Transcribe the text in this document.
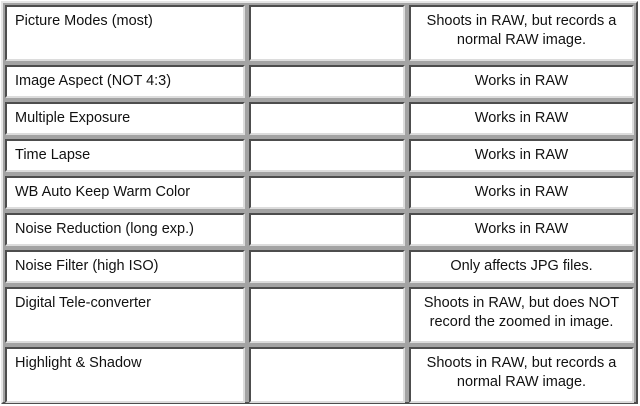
Picture Modes (most)	Shoots in RAW, but records a normal RAW image.
Image Aspect (NOT 4:3)	Works in RAW
Multiple Exposure	Works in RAW
Time Lapse	Works in RAW
WB Auto Keep Warm Color	Works in RAW
Noise Reduction (long exp.)	Works in RAW
Noise Filter (high ISO)	Only affects JPG files.
Digital Tele-converter	Shoots in RAW, but does NOT record the zoomed in image.
Highlight & Shadow	Shoots in RAW, but records a normal RAW image.
